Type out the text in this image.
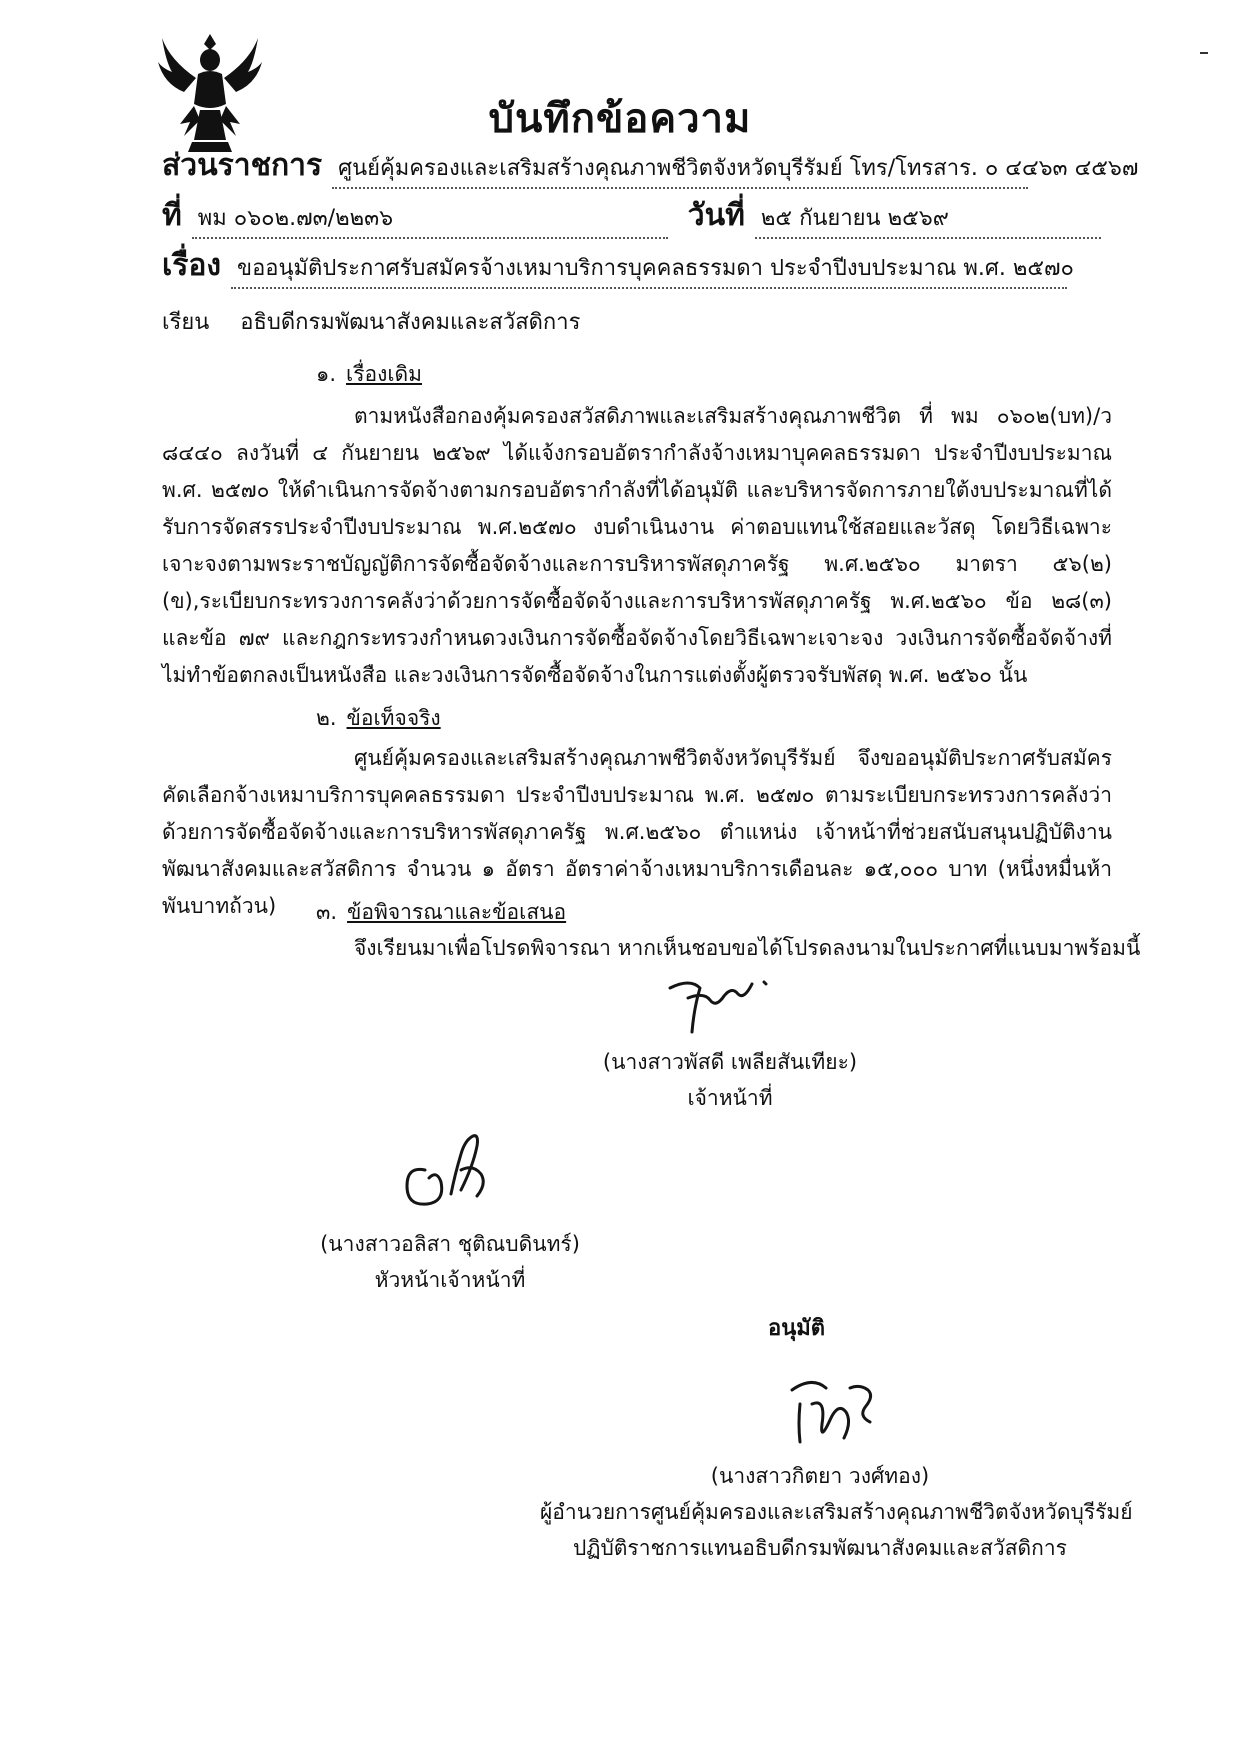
บันทึกข้อความ
ส่วนราชการ ศูนย์คุ้มครองและเสริมสร้างคุณภาพชีวิตจังหวัดบุรีรัมย์ โทร/โทรสาร. ๐ ๔๔๖๓ ๔๕๖๗
ที่ พม ๐๖๐๒.๗๓/๒๒๓๖	วันที่ ๒๕ กันยายน ๒๕๖๙
เรื่อง ขออนุมัติประกาศรับสมัครจ้างเหมาบริการบุคคลธรรมดา ประจำปีงบประมาณ พ.ศ. ๒๕๗๐
เรียน อธิบดีกรมพัฒนาสังคมและสวัสดิการ
๑. เรื่องเดิม

ตามหนังสือกองคุ้มครองสวัสดิภาพและเสริมสร้างคุณภาพชีวิต ที่ พม ๐๖๐๒(บท)/ว ๘๔๔๐ ลงวันที่ ๔ กันยายน ๒๕๖๙ ได้แจ้งกรอบอัตรากำลังจ้างเหมาบุคคลธรรมดา ประจำปีงบประมาณ พ.ศ. ๒๕๗๐ ให้ดำเนินการจัดจ้างตามกรอบอัตรากำลังที่ได้อนุมัติ และบริหารจัดการภายใต้งบประมาณที่ได้รับการจัดสรรประจำปีงบประมาณ พ.ศ.๒๕๗๐ งบดำเนินงาน ค่าตอบแทนใช้สอยและวัสดุ โดยวิธีเฉพาะเจาะจงตามพระราชบัญญัติการจัดซื้อจัดจ้างและการบริหารพัสดุภาครัฐ พ.ศ.๒๕๖๐ มาตรา ๕๖(๒)(ข),ระเบียบกระทรวงการคลังว่าด้วยการจัดซื้อจัดจ้างและการบริหารพัสดุภาครัฐ พ.ศ.๒๕๖๐ ข้อ ๒๘(๓) และข้อ ๗๙ และกฎกระทรวงกำหนดวงเงินการจัดซื้อจัดจ้างโดยวิธีเฉพาะเจาะจง วงเงินการจัดซื้อจัดจ้างที่ไม่ทำข้อตกลงเป็นหนังสือ และวงเงินการจัดซื้อจัดจ้างในการแต่งตั้งผู้ตรวจรับพัสดุ พ.ศ. ๒๕๖๐ นั้น

๒. ข้อเท็จจริง

ศูนย์คุ้มครองและเสริมสร้างคุณภาพชีวิตจังหวัดบุรีรัมย์ จึงขออนุมัติประกาศรับสมัครคัดเลือกจ้างเหมาบริการบุคคลธรรมดา ประจำปีงบประมาณ พ.ศ. ๒๕๗๐ ตามระเบียบกระทรวงการคลังว่าด้วยการจัดซื้อจัดจ้างและการบริหารพัสดุภาครัฐ พ.ศ.๒๕๖๐ ตำแหน่ง เจ้าหน้าที่ช่วยสนับสนุนปฏิบัติงานพัฒนาสังคมและสวัสดิการ จำนวน ๑ อัตรา อัตราค่าจ้างเหมาบริการเดือนละ ๑๕,๐๐๐ บาท (หนึ่งหมื่นห้าพันบาทถ้วน)	๓. ข้อพิจารณาและข้อเสนอ
จึงเรียนมาเพื่อโปรดพิจารณา หากเห็นชอบขอได้โปรดลงนามในประกาศที่แนบมาพร้อมนี้
(นางสาวพัสดี เพลียสันเทียะ)
เจ้าหน้าที่
(นางสาวอลิสา ชุติณบดินทร์)
หัวหน้าเจ้าหน้าที่
อนุมัติ
(นางสาวกิตยา วงศ์ทอง)
ผู้อำนวยการศูนย์คุ้มครองและเสริมสร้างคุณภาพชีวิตจังหวัดบุรีรัมย์
ปฏิบัติราชการแทนอธิบดีกรมพัฒนาสังคมและสวัสดิการ
